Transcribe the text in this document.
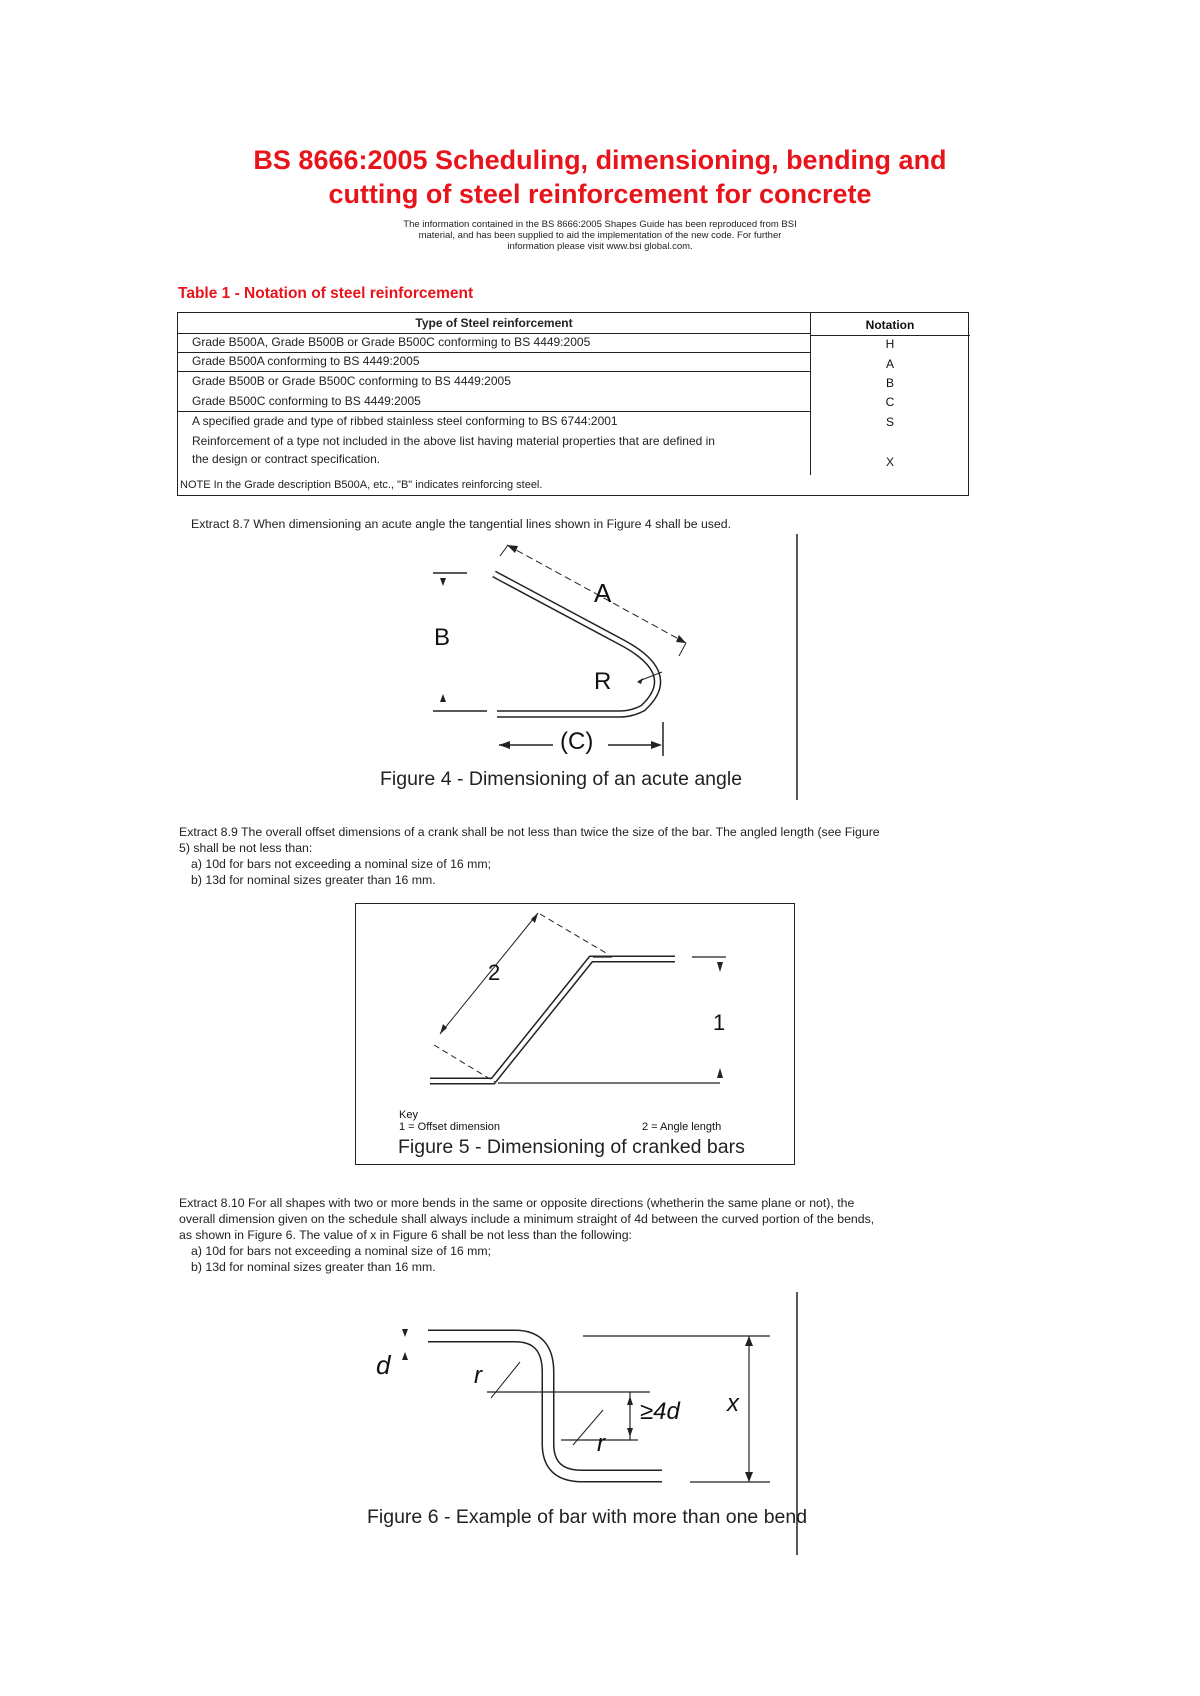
BS 8666:2005 Scheduling, dimensioning, bending and
cutting of steel reinforcement for concrete
The information contained in the BS 8666:2005 Shapes Guide has been reproduced from BSI
material, and has been supplied to aid the implementation of the new code. For further
information please visit www.bsi global.com.
Table 1 - Notation of steel reinforcement
Type of Steel reinforcement	Notation
Grade B500A, Grade B500B or Grade B500C conforming to BS 4449:2005	H
Grade B500A conforming to BS 4449:2005	A
Grade B500B or Grade B500C conforming to BS 4449:2005	B
Grade B500C conforming to BS 4449:2005	C
A specified grade and type of ribbed stainless steel conforming to BS 6744:2001	S
Reinforcement of a type not included in the above list having material properties that are defined in
the design or contract specification.	X
NOTE In the Grade description B500A, etc., "B" indicates reinforcing steel.
Extract 8.7 When dimensioning an acute angle the tangential lines shown in Figure 4 shall be used.
A
B
R
(C)
Figure 4 - Dimensioning of an acute angle
Extract 8.9 The overall offset dimensions of a crank shall be not less than twice the size of the bar. The angled length (see Figure
5) shall be not less than:
a) 10d for bars not exceeding a nominal size of 16 mm;
b) 13d for nominal sizes greater than 16 mm.
2
1
Key
1 = Offset dimension	2 = Angle length
Figure 5 - Dimensioning of cranked bars
Extract 8.10 For all shapes with two or more bends in the same or opposite directions (whetherin the same plane or not), the
overall dimension given on the schedule shall always include a minimum straight of 4d between the curved portion of the bends,
as shown in Figure 6. The value of x in Figure 6 shall be not less than the following:
a) 10d for bars not exceeding a nominal size of 16 mm;
b) 13d for nominal sizes greater than 16 mm.
d	r
r
≥4d x
Figure 6 - Example of bar with more than one bend
